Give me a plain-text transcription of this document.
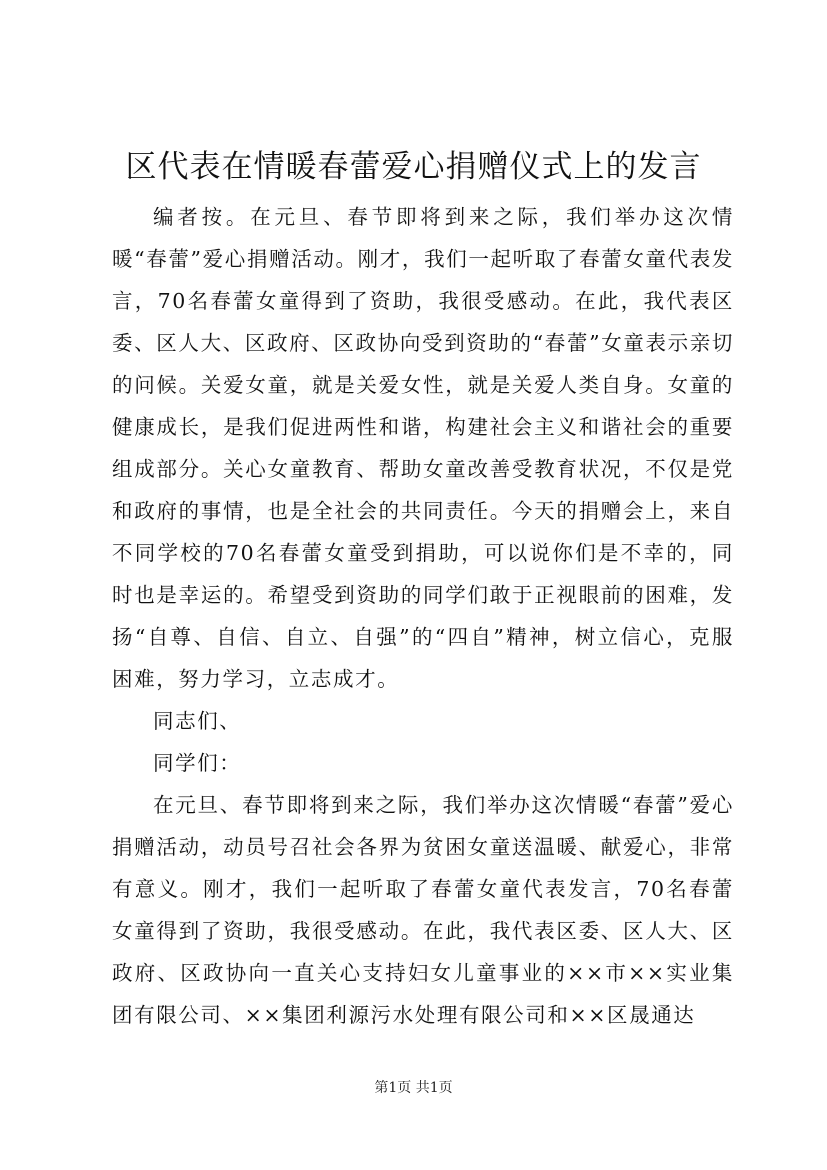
区代表在情暖春蕾爱心捐赠仪式上的发言

编者按。在元旦、春节即将到来之际，我们举办这次情暖“春蕾”爱心捐赠活动。刚才，我们一起听取了春蕾女童代表发言，70名春蕾女童得到了资助，我很受感动。在此，我代表区委、区人大、区政府、区政协向受到资助的“春蕾”女童表示亲切的问候。关爱女童，就是关爱女性，就是关爱人类自身。女童的健康成长，是我们促进两性和谐，构建社会主义和谐社会的重要组成部分。关心女童教育、帮助女童改善受教育状况，不仅是党和政府的事情，也是全社会的共同责任。今天的捐赠会上，来自不同学校的70名春蕾女童受到捐助，可以说你们是不幸的，同时也是幸运的。希望受到资助的同学们敢于正视眼前的困难，发扬“自尊、自信、自立、自强”的“四自”精神，树立信心，克服困难，努力学习，立志成才。

同志们、

同学们：

在元旦、春节即将到来之际，我们举办这次情暖“春蕾”爱心捐赠活动，动员号召社会各界为贫困女童送温暖、献爱心，非常有意义。刚才，我们一起听取了春蕾女童代表发言，70名春蕾女童得到了资助，我很受感动。在此，我代表区委、区人大、区政府、区政协向一直关心支持妇女儿童事业的××市××实业集团有限公司、××集团利源污水处理有限公司和××区晟通达

第1页 共1页
